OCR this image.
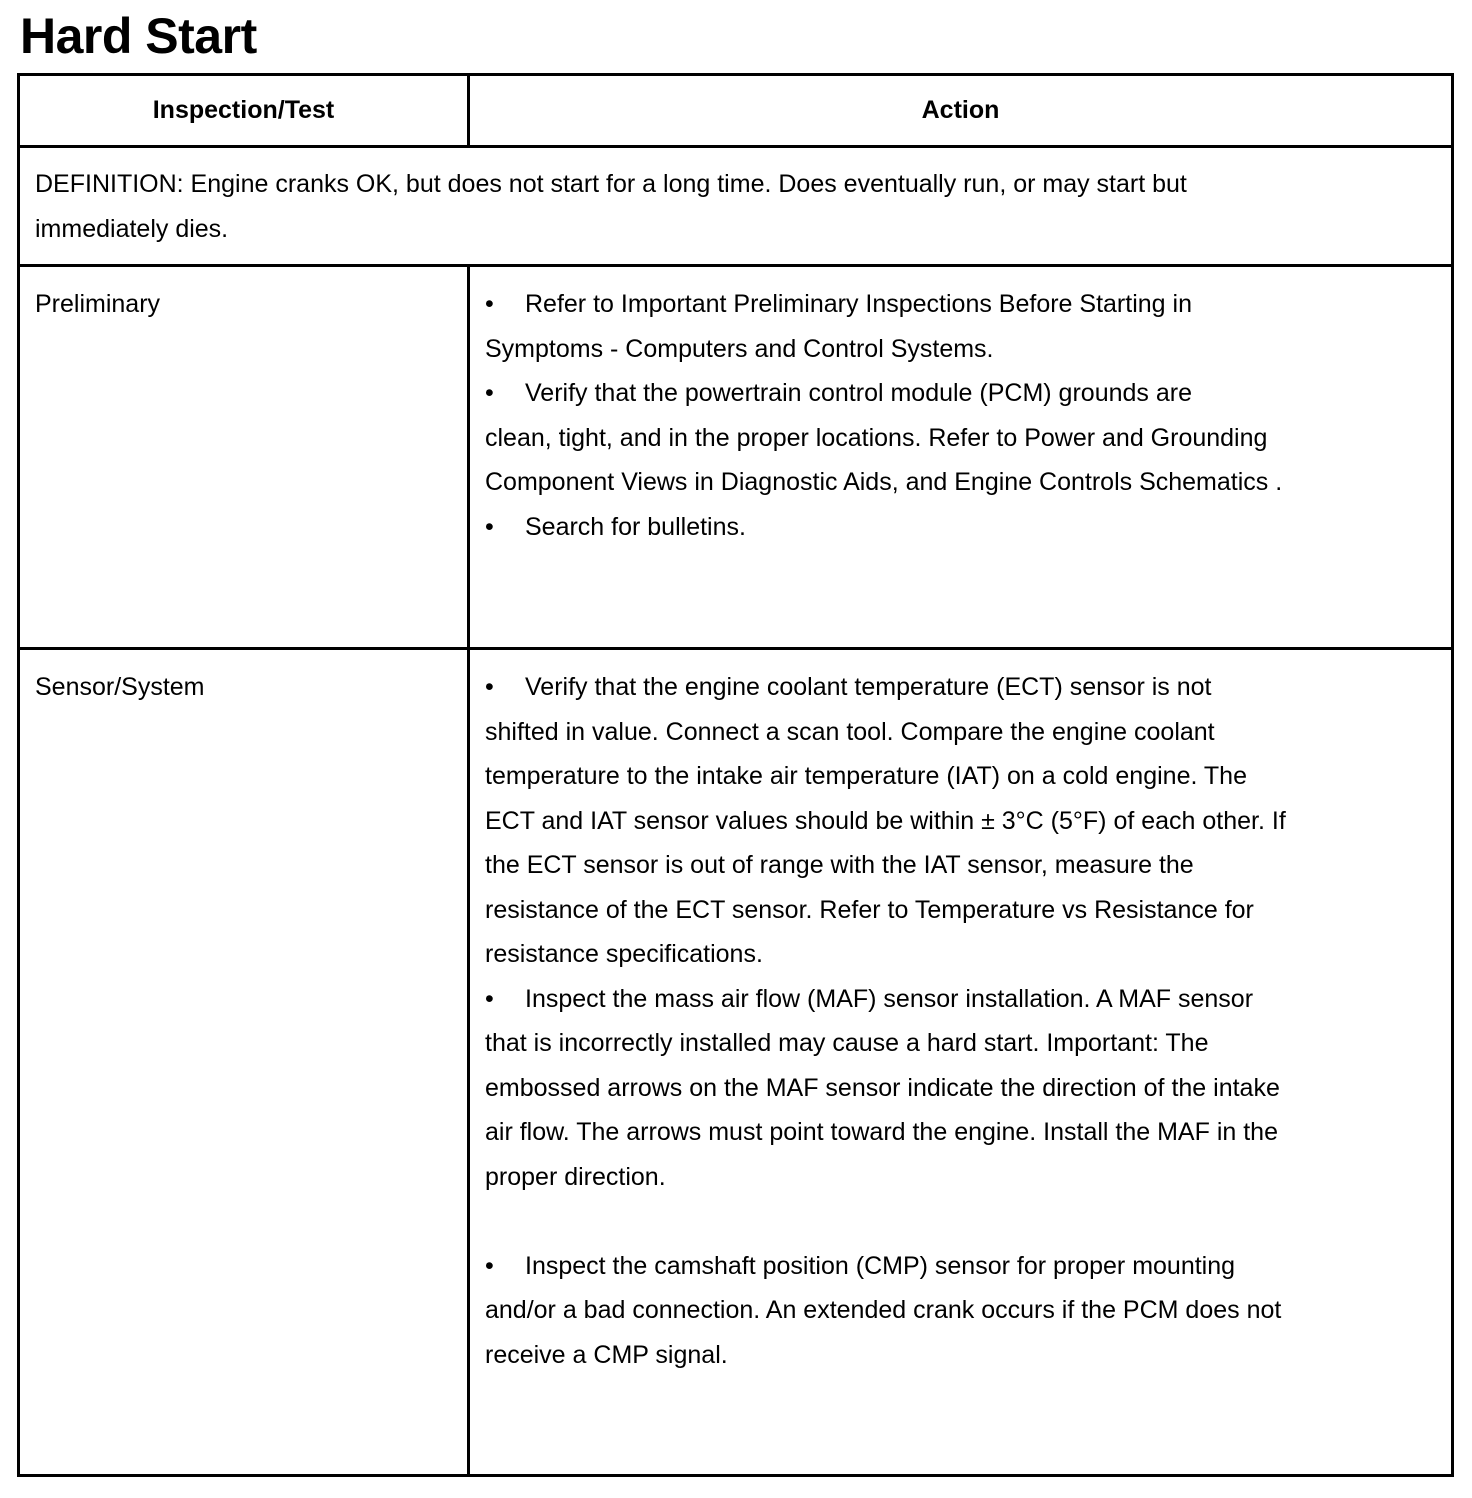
Hard Start
Inspection/Test	Action
DEFINITION: Engine cranks OK, but does not start for a long time. Does eventually run, or may start but
immediately dies.
Preliminary	• Refer to Important Preliminary Inspections Before Starting in
Symptoms - Computers and Control Systems.
• Verify that the powertrain control module (PCM) grounds are
clean, tight, and in the proper locations. Refer to Power and Grounding
Component Views in Diagnostic Aids, and Engine Controls Schematics .
• Search for bulletins.
Sensor/System	• Verify that the engine coolant temperature (ECT) sensor is not
shifted in value. Connect a scan tool. Compare the engine coolant
temperature to the intake air temperature (IAT) on a cold engine. The
ECT and IAT sensor values should be within ± 3°C (5°F) of each other. If
the ECT sensor is out of range with the IAT sensor, measure the
resistance of the ECT sensor. Refer to Temperature vs Resistance for
resistance specifications.
• Inspect the mass air flow (MAF) sensor installation. A MAF sensor
that is incorrectly installed may cause a hard start. Important: The
embossed arrows on the MAF sensor indicate the direction of the intake
air flow. The arrows must point toward the engine. Install the MAF in the
proper direction.
• Inspect the camshaft position (CMP) sensor for proper mounting
and/or a bad connection. An extended crank occurs if the PCM does not
receive a CMP signal.
